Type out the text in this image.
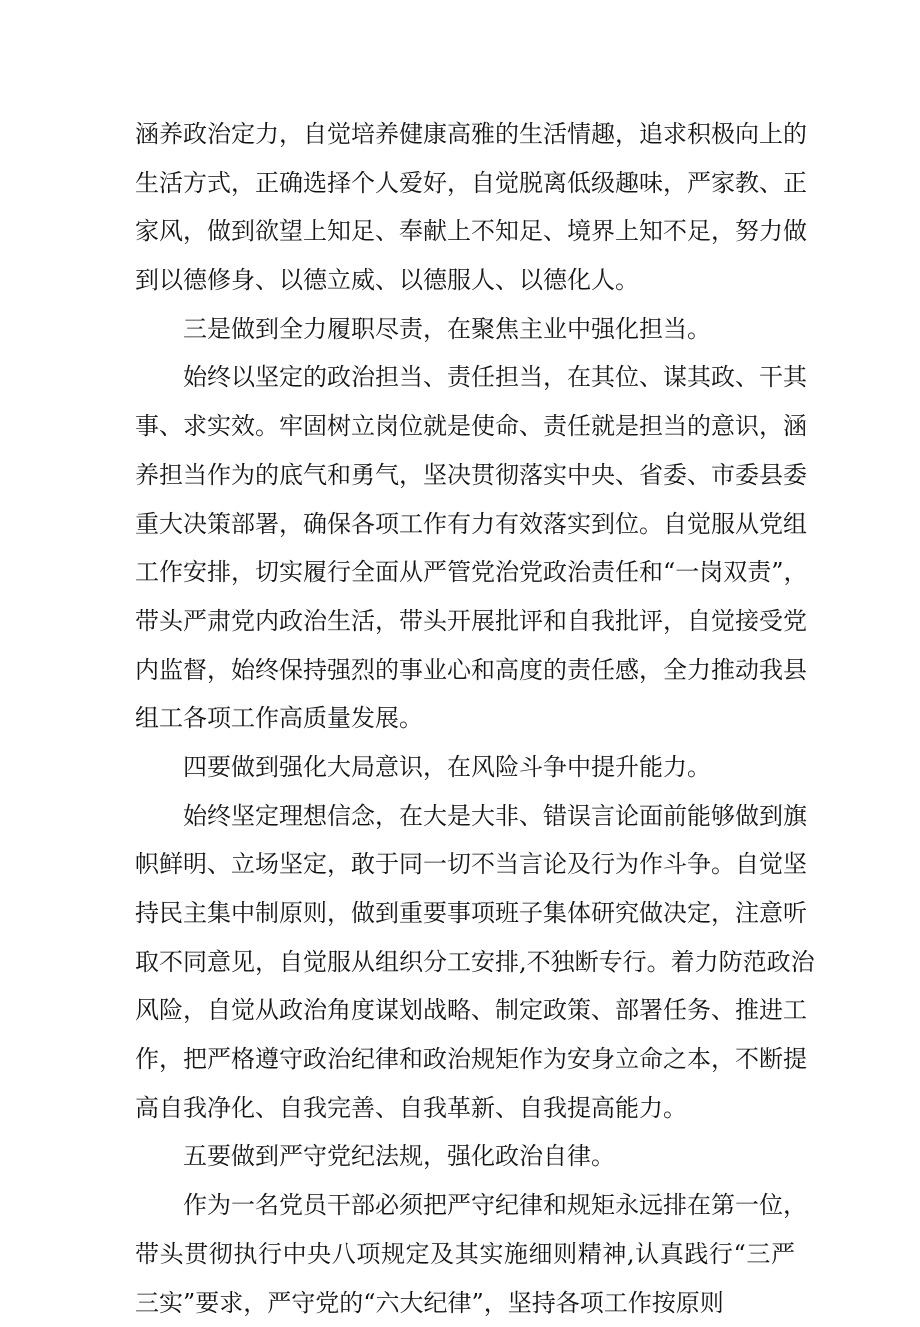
涵养政治定力，自觉培养健康高雅的生活情趣，追求积极向上的
生活方式，正确选择个人爱好，自觉脱离低级趣味，严家教、正
家风，做到欲望上知足、奉献上不知足、境界上知不足，努力做
到以德修身、以德立威、以德服人、以德化人。
三是做到全力履职尽责，在聚焦主业中强化担当。
始终以坚定的政治担当、责任担当，在其位、谋其政、干其
事、求实效。牢固树立岗位就是使命、责任就是担当的意识，涵
养担当作为的底气和勇气，坚决贯彻落实中央、省委、市委县委
重大决策部署，确保各项工作有力有效落实到位。自觉服从党组
工作安排，切实履行全面从严管党治党政治责任和“一岗双责”，
带头严肃党内政治生活，带头开展批评和自我批评，自觉接受党
内监督，始终保持强烈的事业心和高度的责任感，全力推动我县
组工各项工作高质量发展。
四要做到强化大局意识，在风险斗争中提升能力。
始终坚定理想信念，在大是大非、错误言论面前能够做到旗
帜鲜明、立场坚定，敢于同一切不当言论及行为作斗争。自觉坚
持民主集中制原则，做到重要事项班子集体研究做决定，注意听
取不同意见，自觉服从组织分工安排,不独断专行。着力防范政治
风险，自觉从政治角度谋划战略、制定政策、部署任务、推进工
作，把严格遵守政治纪律和政治规矩作为安身立命之本，不断提
高自我净化、自我完善、自我革新、自我提高能力。
五要做到严守党纪法规，强化政治自律。
作为一名党员干部必须把严守纪律和规矩永远排在第一位，
带头贯彻执行中央八项规定及其实施细则精神,认真践行“三严
三实”要求，严守党的“六大纪律”，坚持各项工作按原则
